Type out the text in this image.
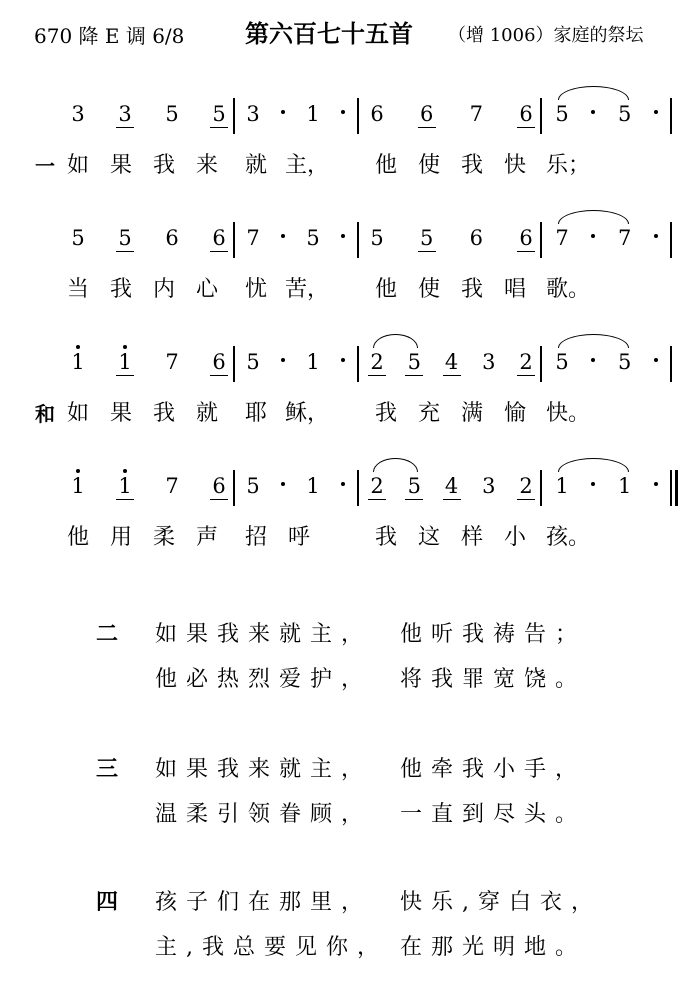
670 降 E 调 6/8	第六百七十五首 （增 1006）家庭的祭坛
3 3 5 5 3 1 6 6 7 6 5 5
一 如 果 我 来 就 主， 他 使 我 快 乐；
5 5 6 6 7 5 5 5 6 6 7 7
当 我 内 心 忧 苦， 他 使 我 唱 歌。
1 1 7 6 5 1 2 5 4 3 2 5 5
和 如 果 我 就 耶 稣， 我 充 满 愉 快。
1 1 7 6 5 1 2 5 4 3 2 1 1
他 用 柔 声 招 呼	我 这 样 小 孩。
二 如果我来就主， 他听我祷告；
他必热烈爱护， 将我罪宽饶。
三 如果我来就主， 他牵我小手，
温柔引领眷顾， 一直到尽头。
四 孩子们在那里， 快乐,穿白衣，
主,我总要见你， 在那光明地。
